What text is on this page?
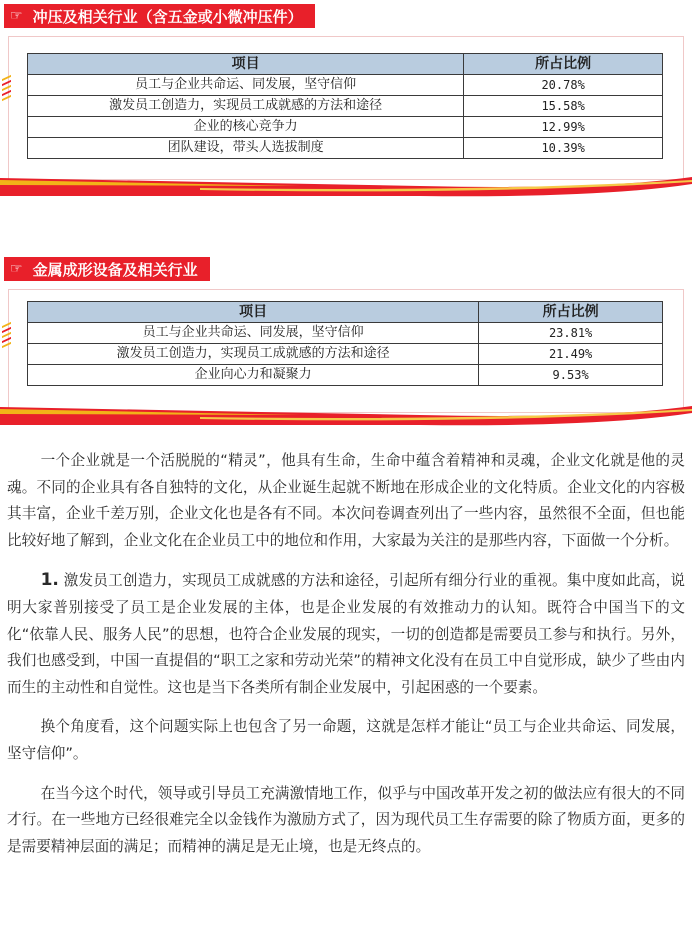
☞ 冲压及相关行业（含五金或小微冲压件）
项目	所占比例
员工与企业共命运、同发展，坚守信仰	20.78%
激发员工创造力，实现员工成就感的方法和途径	15.58%
企业的核心竞争力	12.99%
团队建设，带头人选拔制度	10.39%
☞ 金属成形设备及相关行业
项目	所占比例
员工与企业共命运、同发展，坚守信仰	23.81%
激发员工创造力，实现员工成就感的方法和途径	21.49%
企业向心力和凝聚力	9.53%

一个企业就是一个活脱脱的“精灵”，他具有生命，生命中蕴含着精神和灵魂，企业文化就是他的灵魂。不同的企业具有各自独特的文化，从企业诞生起就不断地在形成企业的文化特质。企业文化的内容极其丰富，企业千差万别，企业文化也是各有不同。本次问卷调查列出了一些内容，虽然很不全面，但也能比较好地了解到，企业文化在企业员工中的地位和作用，大家最为关注的是那些内容，下面做一个分析。

1. 激发员工创造力，实现员工成就感的方法和途径，引起所有细分行业的重视。集中度如此高，说明大家普别接受了员工是企业发展的主体，也是企业发展的有效推动力的认知。既符合中国当下的文化“依靠人民、服务人民”的思想，也符合企业发展的现实，一切的创造都是需要员工参与和执行。另外，我们也感受到，中国一直提倡的“职工之家和劳动光荣”的精神文化没有在员工中自觉形成，缺少了些由内而生的主动性和自觉性。这也是当下各类所有制企业发展中，引起困惑的一个要素。

换个角度看，这个问题实际上也包含了另一命题，这就是怎样才能让“员工与企业共命运、同发展，坚守信仰”。

在当今这个时代，领导或引导员工充满激情地工作，似乎与中国改革开发之初的做法应有很大的不同才行。在一些地方已经很难完全以金钱作为激励方式了，因为现代员工生存需要的除了物质方面，更多的是需要精神层面的满足；而精神的满足是无止境，也是无终点的。
